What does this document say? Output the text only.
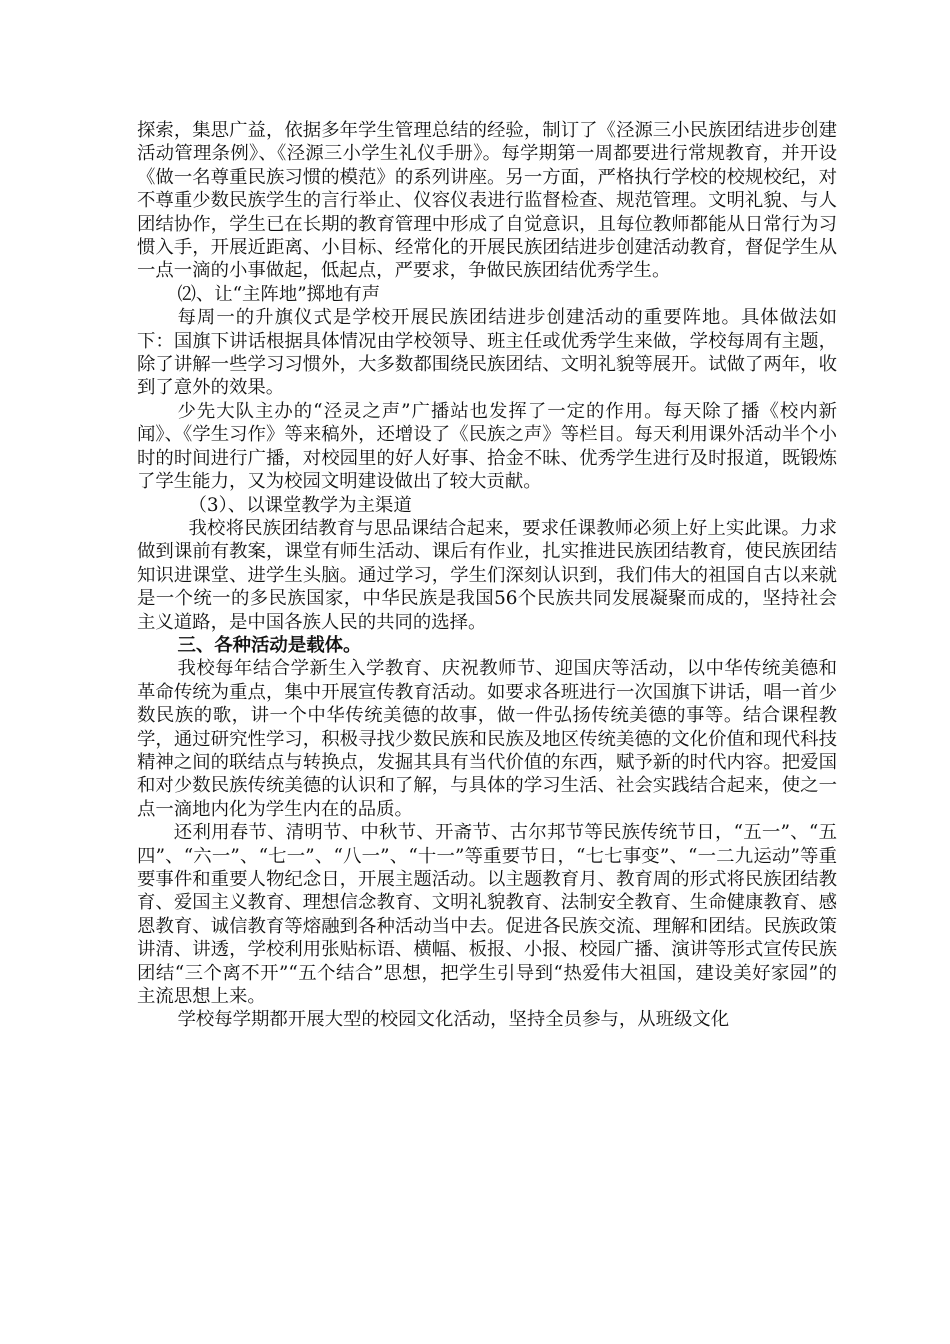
探索，集思广益，依据多年学生管理总结的经验，制订了《泾源三小民族团结进步创建活动管理条例》、《泾源三小学生礼仪手册》。每学期第一周都要进行常规教育，并开设《做一名尊重民族习惯的模范》的系列讲座。另一方面，严格执行学校的校规校纪，对不尊重少数民族学生的言行举止、仪容仪表进行监督检查、规范管理。文明礼貌、与人团结协作，学生已在长期的教育管理中形成了自觉意识，且每位教师都能从日常行为习惯入手，开展近距离、小目标、经常化的开展民族团结进步创建活动教育，督促学生从一点一滴的小事做起，低起点，严要求，争做民族团结优秀学生。

⑵、让“主阵地”掷地有声

每周一的升旗仪式是学校开展民族团结进步创建活动的重要阵地。具体做法如下：国旗下讲话根据具体情况由学校领导、班主任或优秀学生来做，学校每周有主题，除了讲解一些学习习惯外，大多数都围绕民族团结、文明礼貌等展开。试做了两年，收到了意外的效果。

少先大队主办的“泾灵之声”广播站也发挥了一定的作用。每天除了播《校内新闻》、《学生习作》等来稿外，还增设了《民族之声》等栏目。每天利用课外活动半个小时的时间进行广播，对校园里的好人好事、拾金不昧、优秀学生进行及时报道，既锻炼了学生能力，又为校园文明建设做出了较大贡献。

（3）、以课堂教学为主渠道

我校将民族团结教育与思品课结合起来，要求任课教师必须上好上实此课。力求做到课前有教案，课堂有师生活动、课后有作业，扎实推进民族团结教育，使民族团结知识进课堂、进学生头脑。通过学习，学生们深刻认识到，我们伟大的祖国自古以来就是一个统一的多民族国家，中华民族是我国56个民族共同发展凝聚而成的，坚持社会主义道路，是中国各族人民的共同的选择。

三、各种活动是载体。

我校每年结合学新生入学教育、庆祝教师节、迎国庆等活动，以中华传统美德和革命传统为重点，集中开展宣传教育活动。如要求各班进行一次国旗下讲话，唱一首少数民族的歌，讲一个中华传统美德的故事，做一件弘扬传统美德的事等。结合课程教学，通过研究性学习，积极寻找少数民族和民族及地区传统美德的文化价值和现代科技精神之间的联结点与转换点，发掘其具有当代价值的东西，赋予新的时代内容。把爱国和对少数民族传统美德的认识和了解，与具体的学习生活、社会实践结合起来，使之一点一滴地内化为学生内在的品质。

还利用春节、清明节、中秋节、开斋节、古尔邦节等民族传统节日，“五一”、“五四”、“六一”、“七一”、“八一”、“十一”等重要节日，“七七事变”、“一二九运动”等重要事件和重要人物纪念日，开展主题活动。以主题教育月、教育周的形式将民族团结教育、爱国主义教育、理想信念教育、文明礼貌教育、法制安全教育、生命健康教育、感恩教育、诚信教育等熔融到各种活动当中去。促进各民族交流、理解和团结。民族政策讲清、讲透，学校利用张贴标语、横幅、板报、小报、校园广播、演讲等形式宣传民族团结“三个离不开”“五个结合”思想，把学生引导到“热爱伟大祖国，建设美好家园”的主流思想上来。

学校每学期都开展大型的校园文化活动，坚持全员参与，从班级文化
